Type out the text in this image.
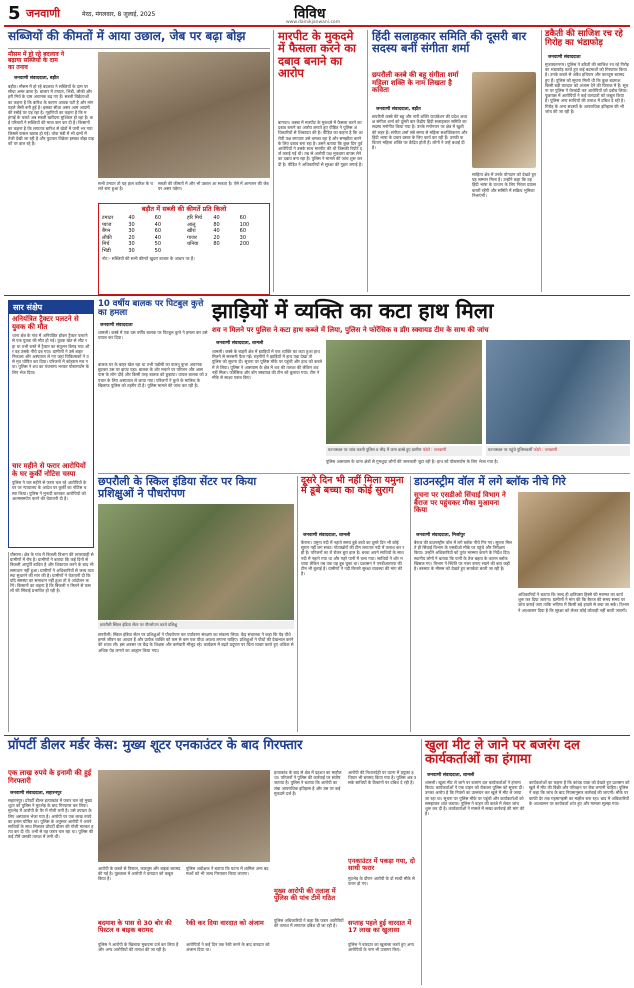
5 जनवाणी	मेरठ, मंगलवार, 8 जुलाई, 2025	विविध
www.dainikjanwani.com
सब्जियों की कीमतों में आया उछाल, जेब पर बढ़ा बोझ
मौसम में हो रहे बदलाव ने
बढ़ाया सब्जियों के दाम
का तनाव
जनवाणी संवाददाता, बड़ौत
बड़ौत। मौसम में हो रहे बदलाव ने सब्जियों के दाम पर सीधा असर डाला है। बाजार में टमाटर, भिंडी, लौकी और हरी मिर्च के दाम अचानक बढ़ गए हैं। सब्जी विक्रेताओं का कहना है कि बारिश के कारण आवक घटी है और मांग पहले जैसी बनी हुई है। इसका सीधा असर आम आदमी की रसोई पर पड़ रहा है। गृहणियों का कहना है कि महंगाई के चलते अब सब्जी खरीदना मुश्किल हो रहा है। कई परिवारों ने सब्जियों की मात्रा कम कर दी है। किसानों का कहना है कि लगातार बारिश से खेतों में पानी भर गया जिससे फसल खराब हो गई। थोक मंडी में भी दामों में तेजी देखी जा रही है और फुटकर विक्रेता इसका बोझ ग्राहकों पर डाल रहे हैं।
सभी टमाटर तो यह हाल बारिश के चलते बना हुआ है।
सब्जी की कीमतों में और भी उछाल आ सकता है। ऐसे में आमजन की जेब पर असर पड़ेगा।
बड़ौत में सब्जी की कीमतें प्रति किलो
टमाटर	40	60
प्याज	30	40
बैंगन	30	60
लौकी	20	40
मिर्च	30	50
भिंडी	30	50
हरि मिर्च	40	60
आलू	80	100
खीरा	40	60
गाजर	20	30
धनिया	80	200
नोट:- सब्जियों की सभी कीमतें खुदरा बाजार के आधार पर हैं।
मारपीट के मुकदमे में फैसला करने का दबाव बनाने का आरोप
बागपत। कस्बा में मारपीट के मुकदमे में फैसला करने का दबाव बनाने का आरोप लगाते हुए पीड़ित ने पुलिस अधिकारियों से शिकायत की है। पीड़ित का कहना है कि आरोपी पक्ष लगातार उसे धमका रहा है और समझौता करने के लिए दबाव बना रहा है। उसने बताया कि कुछ दिन पूर्व आरोपियों ने उसके साथ मारपीट की थी जिसकी रिपोर्ट दर्ज कराई गई थी। तब से आरोपी पक्ष मुकदमा वापस लेने का दबाव बना रहा है। पुलिस ने मामले की जांच शुरू कर दी है। पीड़ित ने अधिकारियों से सुरक्षा की गुहार लगाई है।
हिंदी सलाहकार समिति की दूसरी बार सदस्य बनीं संगीता शर्मा
छपरौली कस्बे की बहू संगीता शर्मा महिला शक्ति के नाम लिखता है कविता
जनवाणी संवाददाता, बड़ौत
छपरौली कस्बे की बहू और नारी शक्ति फाउंडेशन की प्रदेश अध्यक्ष संगीता शर्मा को दूसरी बार केंद्रीय हिंदी सलाहकार समिति का सदस्य मनोनीत किया गया है। उनके मनोनयन पर क्षेत्र में खुशी की लहर है। संगीता शर्मा लंबे समय से महिला सशक्तिकरण और हिंदी भाषा के प्रचार प्रसार के लिए कार्य कर रही हैं। उनकी कविताएं महिला शक्ति पर केंद्रित होती हैं। लोगों ने उन्हें बधाई दी है।
साहित्य क्षेत्र में उनके योगदान को देखते हुए यह सम्मान मिला है। उन्होंने कहा कि वह हिंदी भाषा के उत्थान के लिए निरंतर प्रयास करती रहेंगी और समिति में सक्रिय भूमिका निभाएंगी।
डकैती की साजिश रच रहे गिरोह का भंडाफोड़
जनवाणी संवाददाता
मुजफ्फरनगर। पुलिस ने डकैती की साजिश रच रहे गिरोह का भंडाफोड़ करते हुए कई बदमाशों को गिरफ्तार किया है। उनके कब्जे से अवैध हथियार और कारतूस बरामद हुए हैं। पुलिस को सूचना मिली थी कि कुछ बदमाश किसी बड़ी वारदात को अंजाम देने की फिराक में हैं। सूचना पर पुलिस ने घेराबंदी कर आरोपियों को दबोच लिया। पूछताछ में आरोपियों ने कई वारदातों को कबूल किया है। पुलिस अन्य साथियों की तलाश में दबिश दे रही है। गिरोह के अन्य सदस्यों के आपराधिक इतिहास की भी जांच की जा रही है।
सार संक्षेप
अनियंत्रित ट्रैक्टर पलटने से युवक की मौत
थाना क्षेत्र के गांव में अनियंत्रित होकर ट्रैक्टर पलटने से एक युवक की मौत हो गई। युवक खेत से लौट रहा था तभी रास्ते में ट्रैक्टर का संतुलन बिगड़ गया और वह उसके नीचे दब गया। ग्रामीणों ने उसे बाहर निकाला और अस्पताल ले गए जहां चिकित्सकों ने उसे मृत घोषित कर दिया। परिजनों में कोहराम मच गया। पुलिस ने शव का पंचनामा भरकर पोस्टमार्टम के लिए भेज दिया।
चार महीने से फरार आरोपियों के घर कुर्की नोटिस चस्पा
पुलिस ने चार महीने से फरार चल रहे आरोपियों के घर पर न्यायालय के आदेश पर कुर्की का नोटिस चस्पा किया। पुलिस ने मुनादी कराकर आरोपियों को आत्मसमर्पण करने की चेतावनी दी है।
10 वर्षीय बालक पर पिटबुल कुत्ते का हमला
जनवाणी संवाददाता
शामली। कस्बे में एक दस वर्षीय बालक पर पिटबुल कुत्ते ने हमला कर उसे घायल कर दिया।
झाड़ियों में व्यक्ति का कटा हाथ मिला
शव न मिलने पर पुलिस ने कटा हाथ कब्जे में लिया, पुलिस ने फोरेंसिक व डॉग स्क्वायड टीम के साथ की जांच
बालक घर के बाहर खेल रहा था तभी पड़ोसी का पालतू कुत्ता अचानक छूटकर उस पर झपट पड़ा। बालक के शोर मचाने पर परिजन और आसपास के लोग दौड़े और किसी तरह बालक को छुड़ाया। घायल बालक को उपचार के लिए अस्पताल ले जाया गया। परिजनों ने कुत्ते के मालिक के खिलाफ पुलिस को तहरीर दी है। पुलिस मामले की जांच कर रही है।
जनवाणी संवाददाता, शामली
शामली। कस्बे के बाहरी क्षेत्र में झाड़ियों में एक व्यक्ति का कटा हुआ हाथ मिलने से सनसनी फैल गई। राहगीरों ने झाड़ियों में हाथ पड़ा देखा तो पुलिस को सूचना दी। सूचना पर पुलिस मौके पर पहुंची और हाथ को कब्जे में ले लिया। पुलिस ने आसपास के क्षेत्र में शव की तलाश की लेकिन शव नहीं मिला। फोरेंसिक और डॉग स्क्वायड की टीम को बुलाया गया। टीम ने मौके से साक्ष्य एकत्र किए।
घटनास्थल पर जांच करती पुलिस व भीड़ में जमा कस्बे हुए ग्रामीण फोटो : जनवाणी	घटनास्थल पर पहुंचे पुलिसकर्मी फोटो : जनवाणी
पुलिस आसपास के थाना क्षेत्रों से गुमशुदा लोगों की जानकारी जुटा रही है। हाथ को पोस्टमार्टम के लिए भेजा गया है।
छपरौली के स्किल इंडिया सेंटर पर किया प्रशिक्षुओं ने पौधरोपण
छपरौली स्किल इंडिया सेंटर पर पौधरोपण करते प्रशिक्षु
छपरौली। स्किल इंडिया सेंटर पर प्रशिक्षुओं ने पौधरोपण कर पर्यावरण संरक्षण का संकल्प लिया। केंद्र संचालक ने कहा कि पेड़ पौधे हमारे जीवन का आधार हैं और प्रत्येक व्यक्ति को कम से कम एक पौधा अवश्य लगाना चाहिए। प्रशिक्षुओं ने पौधों की देखभाल करने की शपथ ली। इस अवसर पर केंद्र के शिक्षक और कर्मचारी मौजूद रहे। कार्यक्रम में बढ़ते प्रदूषण पर चिंता व्यक्त करते हुए अधिक से अधिक पेड़ लगाने का आह्वान किया गया।
चौसाना। क्षेत्र के गांव में बिजली विभाग की लापरवाही से ग्रामीणों में रोष है। ग्रामीणों ने बताया कि कई दिनों से बिजली आपूर्ति बाधित है और शिकायत करने के बाद भी समाधान नहीं हुआ। ग्रामीणों ने अधिकारियों से जल्द व्यवस्था सुधारने की मांग की है। ग्रामीणों ने चेतावनी दी कि यदि समस्या का समाधान नहीं हुआ तो वे आंदोलन करेंगे। किसानों का कहना है कि बिजली न मिलने से फसलों की सिंचाई प्रभावित हो रही है।
दूसरे दिन भी नहीं मिला यमुना में डूबे बच्चा का कोई सुराग
जनवाणी संवाददाता, शामली
कैराना। यमुना नदी में नहाते समय डूबे बच्चे का दूसरे दिन भी कोई सुराग नहीं लग सका। गोताखोरों की टीम लगातार नदी में तलाश कर रही है। परिजनों का रो रोकर बुरा हाल है। बच्चा अपने साथियों के साथ नदी में नहाने गया था और गहरे पानी में चला गया। साथियों ने शोर मचाया लेकिन तब तक वह डूब चुका था। प्रशासन ने एनडीआरएफ की टीम भी बुलाई है। ग्रामीणों ने नदी किनारे सुरक्षा व्यवस्था की मांग की है।
डाउनस्ट्रीम वॉल में लगे ब्लॉक नीचे गिरे
सूचना पर एसडीओ सिंचाई विभाग ने बैराज पर पहुंचकर मौका मुआयना किया
जनवाणी संवाददाता, मिर्जापुर
बैराज की डाउनस्ट्रीम वॉल में लगे ब्लॉक नीचे गिर गए। सूचना मिलते ही सिंचाई विभाग के एसडीओ मौके पर पहुंचे और निरीक्षण किया। उन्होंने अधिकारियों को तुरंत मरम्मत कराने के निर्देश दिए। स्थानीय लोगों ने बताया कि पानी के तेज बहाव के कारण ब्लॉक खिसक गए। विभाग ने स्थिति पर नजर बनाए रखने की बात कही है। बरसात के मौसम को देखते हुए सतर्कता बरती जा रही है।
अधिकारियों ने बताया कि जल्द ही क्षतिग्रस्त हिस्से की मरम्मत का कार्य शुरू कर दिया जाएगा। ग्रामीणों ने मांग की कि बैराज की समय समय पर जांच कराई जाए ताकि भविष्य में किसी बड़े हादसे से बचा जा सके। विभाग ने आश्वासन दिया है कि सुरक्षा को लेकर कोई कोताही नहीं बरती जाएगी।
प्रॉपर्टी डीलर मर्डर केस: मुख्य शूटर एनकाउंटर के बाद गिरफ्तार
एक लाख रुपये के इनामी की हुई गिरफ्तारी
जनवाणी संवाददाता, सहारनपुर
सहारनपुर। प्रॉपर्टी डीलर हत्याकांड में फरार चल रहे मुख्य शूटर को पुलिस ने मुठभेड़ के बाद गिरफ्तार कर लिया। मुठभेड़ में आरोपी के पैर में गोली लगी है। उसे उपचार के लिए अस्पताल भेजा गया है। आरोपी पर एक लाख रुपये का इनाम घोषित था। पुलिस के अनुसार आरोपी ने अपने साथियों के साथ मिलकर प्रॉपर्टी डीलर की गोली मारकर हत्या कर दी थी। तभी से वह फरार चल रहा था। पुलिस की कई टीमें उसकी तलाश में लगी थीं।
आरोपी के कब्जे से पिस्टल, कारतूस और बाइक बरामद की गई है। पूछताछ में आरोपी ने वारदात को कबूल किया है।
बदमाश के पास से 30 बोर की पिस्टल व बाइक बरामद
पुलिस ने आरोपी के खिलाफ मुकदमा दर्ज कर लिया है और अन्य आरोपियों की तलाश की जा रही है।
पुलिस अधीक्षक ने बताया कि घटना में शामिल अन्य बदमाशों को भी जल्द गिरफ्तार किया जाएगा।
रेकी कर दिया वारदात को अंजाम
आरोपियों ने कई दिन तक रेकी करने के बाद वारदात को अंजाम दिया था।
हत्याकांड के बाद से क्षेत्र में दहशत का माहौल था। परिजनों ने पुलिस की कार्रवाई पर संतोष जताया है। पुलिस ने बताया कि आरोपी का लंबा आपराधिक इतिहास है और उस पर कई मुकदमे दर्ज हैं।
मुख्य आरोपी की तलाश में पुलिस की पांच टीमें गठित
पुलिस अधिकारियों ने कहा कि फरार आरोपियों की तलाश में लगातार दबिश दी जा रही है।
आरोपी की निशानदेही पर घटना में प्रयुक्त हथियार भी बरामद किया गया है। पुलिस अब उसके साथियों के ठिकानों पर दबिश दे रही है।
एनकाउंटर में पकड़ा गया, दो साथी फरार
मुठभेड़ के दौरान आरोपी के दो साथी मौके से फरार हो गए।
सप्ताह पहले हुई वारदात में 17 लाख का खुलासा
पुलिस ने वारदात का खुलासा करते हुए अन्य आरोपियों के नाम भी उजागर किए।
खुला मीट ले जाने पर बजरंग दल कार्यकर्ताओं का हंगामा
जनवाणी संवाददाता, शामली
शामली। खुला मीट ले जाने पर बजरंग दल कार्यकर्ताओं ने हंगामा किया। कार्यकर्ताओं ने एक वाहन को रोककर पुलिस को सूचना दी। उनका आरोप है कि नियमों का उल्लंघन कर खुले में मीट ले जाया जा रहा था। सूचना पर पुलिस मौके पर पहुंची और कार्यकर्ताओं को समझाकर शांत कराया। पुलिस ने वाहन को कब्जे में लेकर जांच शुरू कर दी है। कार्यकर्ताओं ने मामले में सख्त कार्रवाई की मांग की है।
कार्यकर्ताओं का कहना है कि कांवड़ यात्रा को देखते हुए प्रशासन को खुले में मीट की बिक्री और परिवहन पर रोक लगानी चाहिए। पुलिस ने कहा कि जांच के बाद नियमानुसार कार्रवाई की जाएगी। मौके पर काफी देर तक गहमागहमी का माहौल बना रहा। बाद में अधिकारियों के आश्वासन पर कार्यकर्ता शांत हुए और मामला सुलझ गया।
